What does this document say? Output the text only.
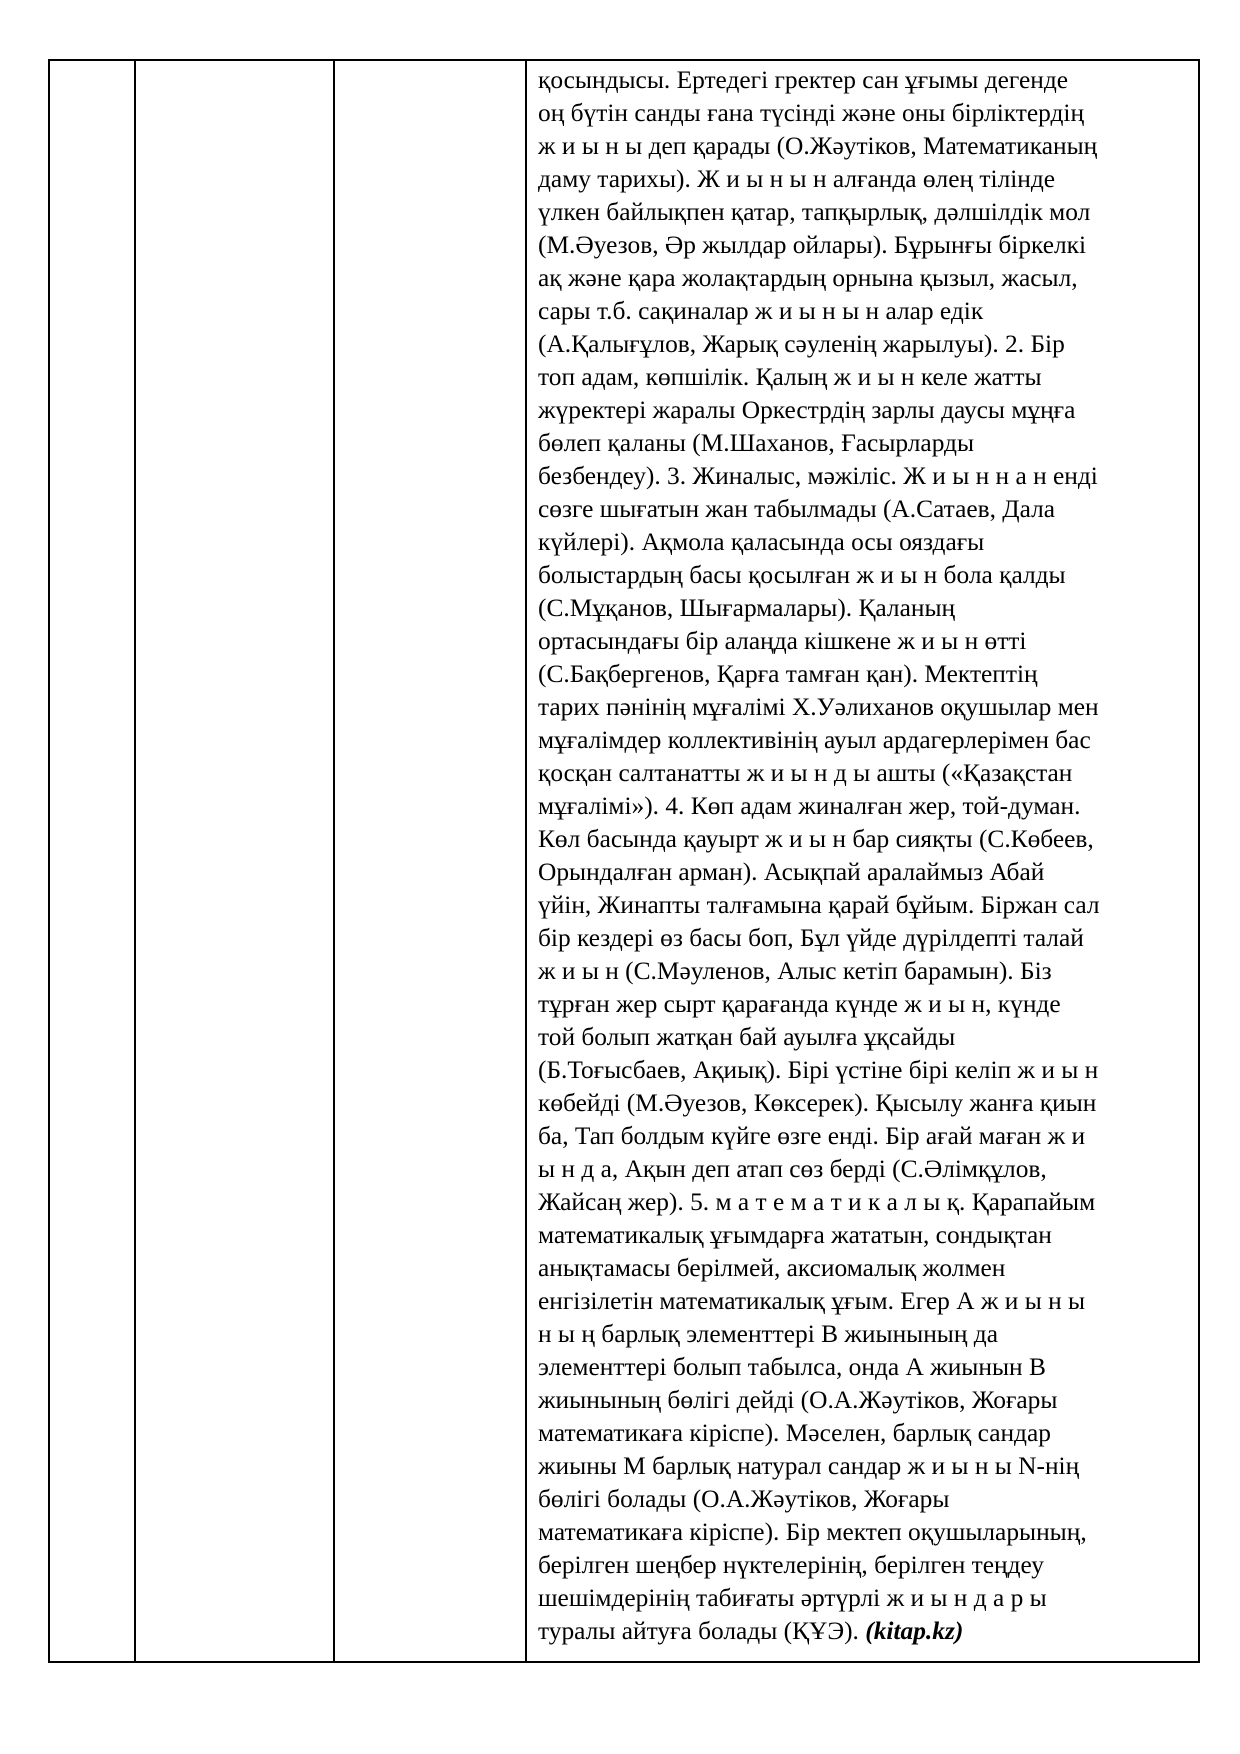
қосындысы. Ертедегі гректер сан ұғымы дегенде
оң бүтін санды ғана түсінді және оны бірліктердің
ж и ы н ы деп қарады (О.Жәутіков, Математиканың
даму тарихы). Ж и ы н ы н алғанда өлең тілінде
үлкен байлықпен қатар, тапқырлық, дәлшілдік мол
(М.Әуезов, Әр жылдар ойлары). Бұрынғы біркелкі
ақ және қара жолақтардың орнына қызыл, жасыл,
сары т.б. сақиналар ж и ы н ы н алар едік
(А.Қалығұлов, Жарық сәуленің жарылуы). 2. Бір
топ адам, көпшілік. Қалың ж и ы н келе жатты
жүректері жаралы Оркестрдің зарлы даусы мұңға
бөлеп қаланы (М.Шаханов, Ғасырларды
безбендеу). 3. Жиналыс, мәжіліс. Ж и ы н н а н енді
сөзге шығатын жан табылмады (А.Сатаев, Дала
күйлері). Ақмола қаласында осы ояздағы
болыстардың басы қосылған ж и ы н бола қалды
(С.Мұқанов, Шығармалары). Қаланың
ортасындағы бір алаңда кішкене ж и ы н өтті
(С.Бақбергенов, Қарға тамған қан). Мектептің
тарих пәнінің мұғалімі Х.Уәлиханов оқушылар мен
мұғалімдер коллективінің ауыл ардагерлерімен бас
қосқан салтанатты ж и ы н д ы ашты («Қазақстан
мұғалімі»). 4. Көп адам жиналған жер, той-думан.
Көл басында қауырт ж и ы н бар сияқты (С.Көбеев,
Орындалған арман). Асықпай аралаймыз Абай
үйін, Жинапты талғамына қарай бұйым. Біржан сал
бір кездері өз басы боп, Бұл үйде дүрілдепті талай
ж и ы н (С.Мәуленов, Алыс кетіп барамын). Біз
тұрған жер сырт қарағанда күнде ж и ы н, күнде
той болып жатқан бай ауылға ұқсайды
(Б.Тоғысбаев, Ақиық). Бірі үстіне бірі келіп ж и ы н
көбейді (М.Әуезов, Көксерек). Қысылу жанға қиын
ба, Тап болдым күйге өзге енді. Бір ағай маған ж и
ы н д а, Ақын деп атап сөз берді (С.Әлімқұлов,
Жайсаң жер). 5. м а т е м а т и к а л ы қ. Қарапайым
математикалық ұғымдарға жататын, сондықтан
анықтамасы берілмей, аксиомалық жолмен
енгізілетін математикалық ұғым. Егер А ж и ы н ы
н ы ң барлық элементтері В жиынының да
элементтері болып табылса, онда А жиынын В
жиынының бөлігі дейді (О.А.Жәутіков, Жоғары
математикаға кіріспе). Мәселен, барлық сандар
жиыны М барлық натурал сандар ж и ы н ы N-нің
бөлігі болады (О.А.Жәутіков, Жоғары
математикаға кіріспе). Бір мектеп оқушыларының,
берілген шеңбер нүктелерінің, берілген теңдеу
шешімдерінің табиғаты әртүрлі ж и ы н д а р ы
туралы айтуға болады (ҚҰЭ). (kitap.kz)
